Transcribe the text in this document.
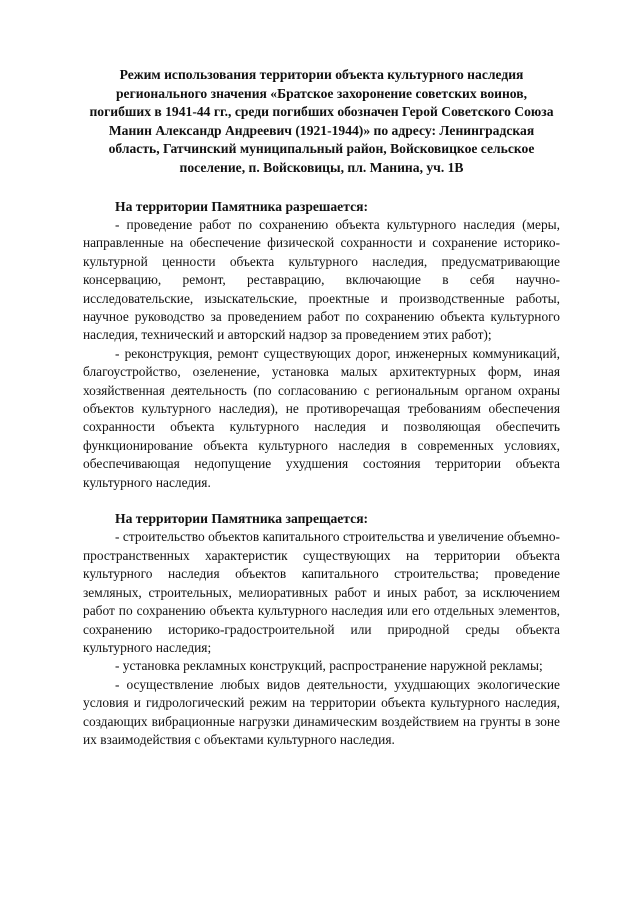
Режим использования территории объекта культурного наследия регионального значения «Братское захоронение советских воинов, погибших в 1941-44 гг., среди погибших обозначен Герой Советского Союза Манин Александр Андреевич (1921-1944)» по адресу: Ленинградская область, Гатчинский муниципальный район, Войсковицкое сельское поселение, п. Войсковицы, пл. Манина, уч. 1В

На территории Памятника разрешается:

- проведение работ по сохранению объекта культурного наследия (меры, направленные на обеспечение физической сохранности и сохранение историко-культурной ценности объекта культурного наследия, предусматривающие консервацию, ремонт, реставрацию, включающие в себя научно-исследовательские, изыскательские, проектные и производственные работы, научное руководство за проведением работ по сохранению объекта культурного наследия, технический и авторский надзор за проведением этих работ);

- реконструкция, ремонт существующих дорог, инженерных коммуникаций, благоустройство, озеленение, установка малых архитектурных форм, иная хозяйственная деятельность (по согласованию с региональным органом охраны объектов культурного наследия), не противоречащая требованиям обеспечения сохранности объекта культурного наследия и позволяющая обеспечить функционирование объекта культурного наследия в современных условиях, обеспечивающая недопущение ухудшения состояния территории объекта культурного наследия.

На территории Памятника запрещается:

- строительство объектов капитального строительства и увеличение объемно-пространственных характеристик существующих на территории объекта культурного наследия объектов капитального строительства; проведение земляных, строительных, мелиоративных работ и иных работ, за исключением работ по сохранению объекта культурного наследия или его отдельных элементов, сохранению историко-градостроительной или природной среды объекта культурного наследия;

- установка рекламных конструкций, распространение наружной рекламы;

- осуществление любых видов деятельности, ухудшающих экологические условия и гидрологический режим на территории объекта культурного наследия, создающих вибрационные нагрузки динамическим воздействием на грунты в зоне их взаимодействия с объектами культурного наследия.
